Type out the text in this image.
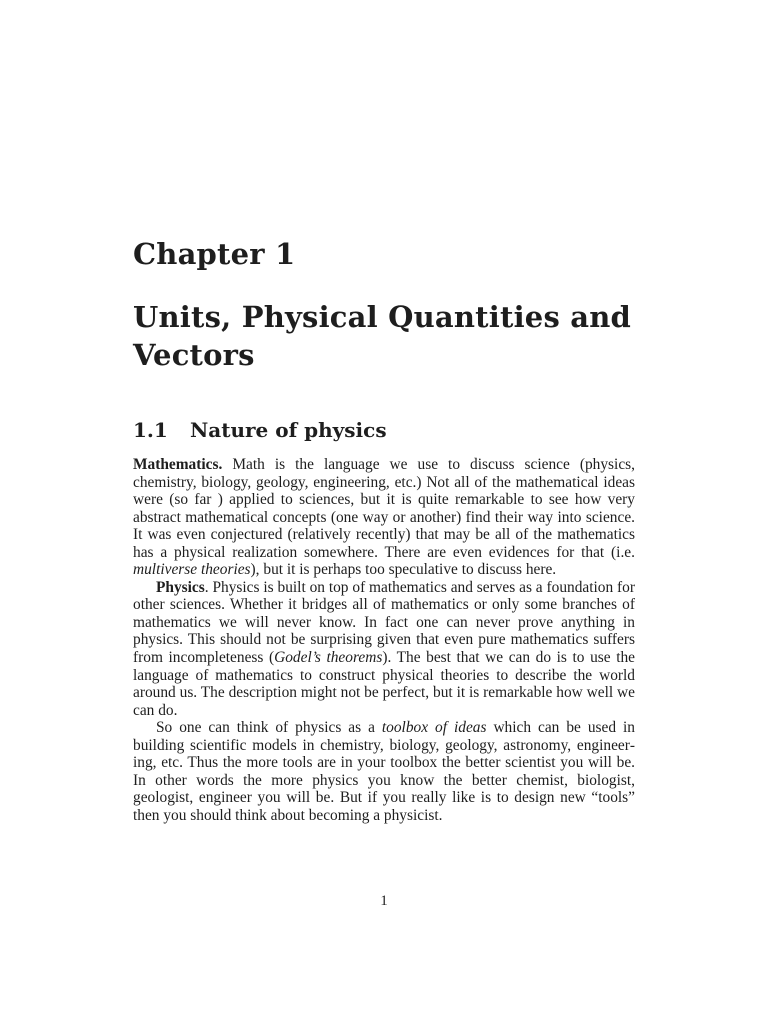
Chapter 1
Units, Physical Quantities and Vectors
1.1 Nature of physics

Mathematics. Math is the language we use to discuss science (physics, chemistry, biology, geology, engineering, etc.) Not all of the mathematical ideas were (so far ) applied to sciences, but it is quite remarkable to see how very abstract mathematical concepts (one way or another) find their way into science. It was even conjectured (relatively recently) that may be all of the mathematics has a physical realization somewhere. There are even evidences for that (i.e. multiverse theories), but it is perhaps too speculative to discuss here.

Physics. Physics is built on top of mathematics and serves as a foundation for other sciences. Whether it bridges all of mathematics or only some branches of mathematics we will never know. In fact one can never prove anything in physics. This should not be surprising given that even pure mathematics suffers from incompleteness (Godel’s theorems). The best that we can do is to use the language of mathematics to construct physical theories to describe the world around us. The description might not be perfect, but it is remarkable how well we can do.

So one can think of physics as a toolbox of ideas which can be used in building scientific models in chemistry, biology, geology, astronomy, engineering, etc. Thus the more tools are in your toolbox the better scientist you will be. In other words the more physics you know the better chemist, biologist, geologist, engineer you will be. But if you really like is to design new “tools” then you should think about becoming a physicist.

1
